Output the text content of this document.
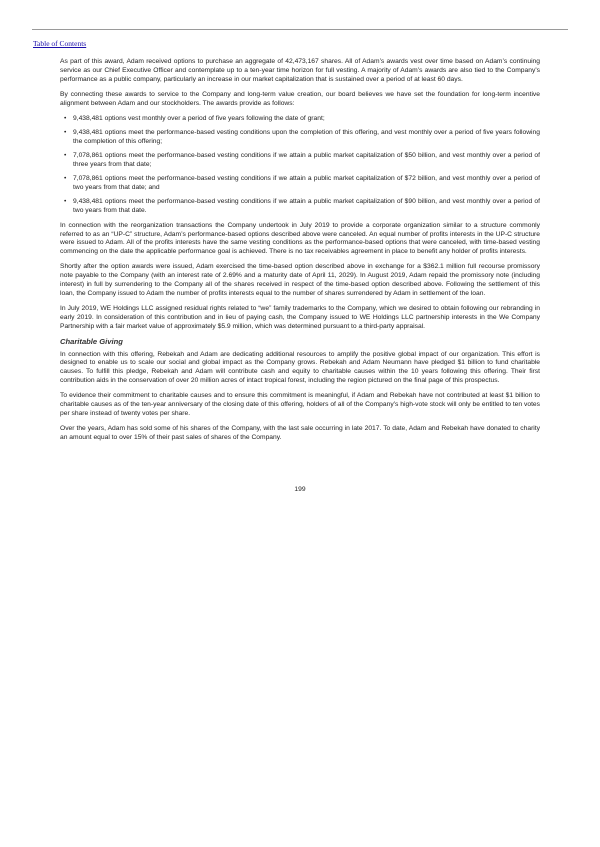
Table of Contents

As part of this award, Adam received options to purchase an aggregate of 42,473,167 shares. All of Adam’s awards vest over time based on Adam’s continuing service as our Chief Executive Officer and contemplate up to a ten-year time horizon for full vesting. A majority of Adam’s awards are also tied to the Company’s performance as a public company, particularly an increase in our market capitalization that is sustained over a period of at least 60 days.

By connecting these awards to service to the Company and long-term value creation, our board believes we have set the foundation for long-term incentive alignment between Adam and our stockholders. The awards provide as follows:

• 9,438,481 options vest monthly over a period of five years following the date of grant;
• 9,438,481 options meet the performance-based vesting conditions upon the completion of this offering, and vest monthly over a period of five years following the completion of this offering;
• 7,078,861 options meet the performance-based vesting conditions if we attain a public market capitalization of $50 billion, and vest monthly over a period of three years from that date;
• 7,078,861 options meet the performance-based vesting conditions if we attain a public market capitalization of $72 billion, and vest monthly over a period of two years from that date; and
• 9,438,481 options meet the performance-based vesting conditions if we attain a public market capitalization of $90 billion, and vest monthly over a period of two years from that date.

In connection with the reorganization transactions the Company undertook in July 2019 to provide a corporate organization similar to a structure commonly referred to as an “UP-C” structure, Adam’s performance-based options described above were canceled. An equal number of profits interests in the UP-C structure were issued to Adam. All of the profits interests have the same vesting conditions as the performance-based options that were canceled, with time-based vesting commencing on the date the applicable performance goal is achieved. There is no tax receivables agreement in place to benefit any holder of profits interests.

Shortly after the option awards were issued, Adam exercised the time-based option described above in exchange for a $362.1 million full recourse promissory note payable to the Company (with an interest rate of 2.69% and a maturity date of April 11, 2029). In August 2019, Adam repaid the promissory note (including interest) in full by surrendering to the Company all of the shares received in respect of the time-based option described above. Following the settlement of this loan, the Company issued to Adam the number of profits interests equal to the number of shares surrendered by Adam in settlement of the loan.

In July 2019, WE Holdings LLC assigned residual rights related to “we” family trademarks to the Company, which we desired to obtain following our rebranding in early 2019. In consideration of this contribution and in lieu of paying cash, the Company issued to WE Holdings LLC partnership interests in the We Company Partnership with a fair market value of approximately $5.9 million, which was determined pursuant to a third-party appraisal.

Charitable Giving

In connection with this offering, Rebekah and Adam are dedicating additional resources to amplify the positive global impact of our organization. This effort is designed to enable us to scale our social and global impact as the Company grows. Rebekah and Adam Neumann have pledged $1 billion to fund charitable causes. To fulfill this pledge, Rebekah and Adam will contribute cash and equity to charitable causes within the 10 years following this offering. Their first contribution aids in the conservation of over 20 million acres of intact tropical forest, including the region pictured on the final page of this prospectus.

To evidence their commitment to charitable causes and to ensure this commitment is meaningful, if Adam and Rebekah have not contributed at least $1 billion to charitable causes as of the ten-year anniversary of the closing date of this offering, holders of all of the Company’s high-vote stock will only be entitled to ten votes per share instead of twenty votes per share.

Over the years, Adam has sold some of his shares of the Company, with the last sale occurring in late 2017. To date, Adam and Rebekah have donated to charity an amount equal to over 15% of their past sales of shares of the Company.

199
